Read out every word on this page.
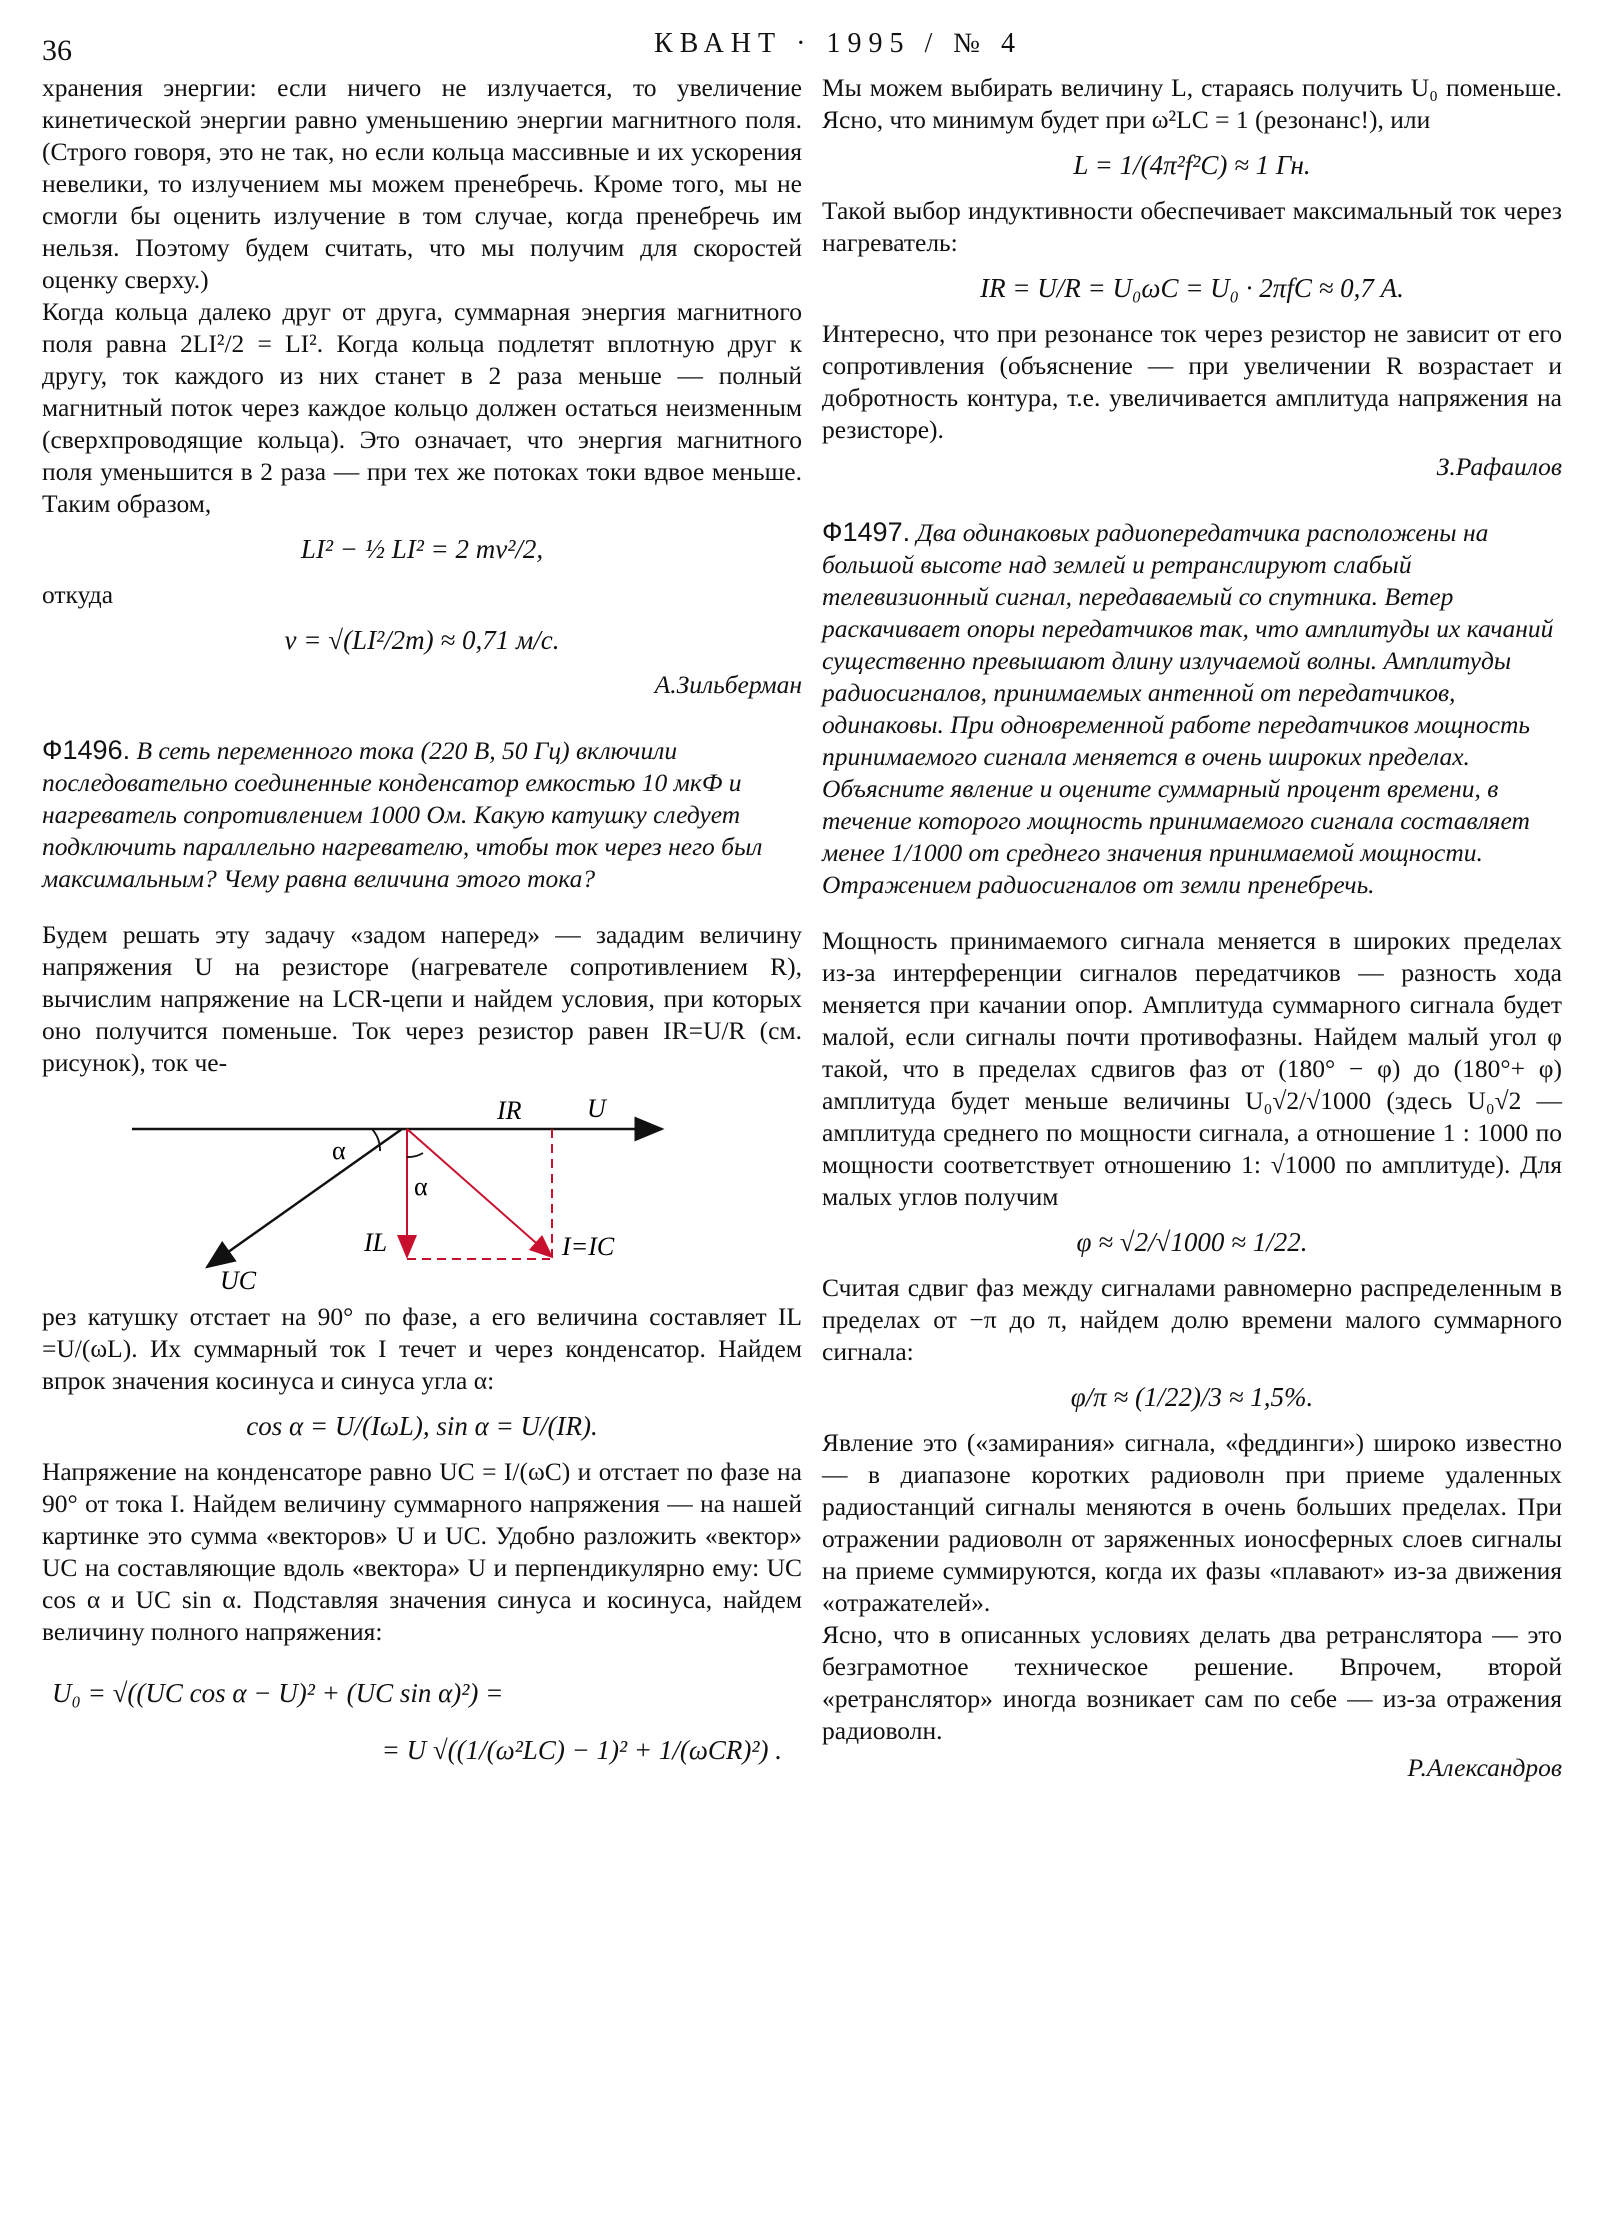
36	КВАНТ · 1995 / № 4

хранения энергии: если ничего не излучается, то увеличение кинетической энергии равно уменьшению энергии магнитного поля. (Строго говоря, это не так, но если кольца массивные и их ускорения невелики, то излучением мы можем пренебречь. Кроме того, мы не смогли бы оценить излучение в том случае, когда пренебречь им нельзя. Поэтому будем считать, что мы получим для скоростей оценку сверху.)

Когда кольца далеко друг от друга, суммарная энергия магнитного поля равна 2LI²/2 = LI². Когда кольца подлетят вплотную друг к другу, ток каждого из них станет в 2 раза меньше — полный магнитный поток через каждое кольцо должен остаться неизменным (сверхпроводящие кольца). Это означает, что энергия магнитного поля уменьшится в 2 раза — при тех же потоках токи вдвое меньше. Таким образом,

LI² − ½ LI² = 2 mv²/2,

откуда

v = √(LI²/2m) ≈ 0,71 м/с.
А.Зильберман

Ф1496. В сеть переменного тока (220 В, 50 Гц) включили последовательно соединенные конденсатор емкостью 10 мкФ и нагреватель сопротивлением 1000 Ом. Какую катушку следует подключить параллельно нагревателю, чтобы ток через него был максимальным? Чему равна величина этого тока?

Будем решать эту задачу «задом наперед» — зададим величину напряжения U на резисторе (нагревателе сопротивлением R), вычислим напряжение на LCR-цепи и найдем условия, при которых оно получится поменьше. Ток через резистор равен IR=U/R (см. рисунок), ток че-

IR	U
α
α
IL	I=IC
UC

рез катушку отстает на 90° по фазе, а его величина составляет IL =U/(ωL). Их суммарный ток I течет и через конденсатор. Найдем впрок значения косинуса и синуса угла α:

cos α = U/(IωL), sin α = U/(IR).

Напряжение на конденсаторе равно UC = I/(ωC) и отстает по фазе на 90° от тока I. Найдем величину суммарного напряжения — на нашей картинке это сумма «векторов» U и UC. Удобно разложить «вектор» UC на составляющие вдоль «вектора» U и перпендикулярно ему: UC cos α и UC sin α. Подставляя значения синуса и косинуса, найдем величину полного напряжения:

U₀ = √((UC cos α − U)² + (UC sin α)²) =
= U √((1/(ω²LC) − 1)² + 1/(ωCR)²) .

Мы можем выбирать величину L, стараясь получить U₀ поменьше. Ясно, что минимум будет при ω²LC = 1 (резонанс!), или

L = 1/(4π²f²C) ≈ 1 Гн.

Такой выбор индуктивности обеспечивает максимальный ток через нагреватель:

IR = U/R = U₀ωC = U₀ · 2πfC ≈ 0,7 А.

Интересно, что при резонансе ток через резистор не зависит от его сопротивления (объяснение — при увеличении R возрастает и добротность контура, т.е. увеличивается амплитуда напряжения на резисторе).

З.Рафаилов

Ф1497. Два одинаковых радиопередатчика расположены на большой высоте над землей и ретранслируют слабый телевизионный сигнал, передаваемый со спутника. Ветер раскачивает опоры передатчиков так, что амплитуды их качаний существенно превышают длину излучаемой волны. Амплитуды радиосигналов, принимаемых антенной от передатчиков, одинаковы. При одновременной работе передатчиков мощность принимаемого сигнала меняется в очень широких пределах. Объясните явление и оцените суммарный процент времени, в течение которого мощность принимаемого сигнала составляет менее 1/1000 от среднего значения принимаемой мощности. Отражением радиосигналов от земли пренебречь.

Мощность принимаемого сигнала меняется в широких пределах из-за интерференции сигналов передатчиков — разность хода меняется при качании опор. Амплитуда суммарного сигнала будет малой, если сигналы почти противофазны. Найдем малый угол φ такой, что в пределах сдвигов фаз от (180° − φ) до (180°+ φ) амплитуда будет меньше величины U₀√2/√1000 (здесь U₀√2 — амплитуда среднего по мощности сигнала, а отношение 1 : 1000 по мощности соответствует отношению 1: √1000 по амплитуде). Для малых углов получим

φ ≈ √2/√1000 ≈ 1/22.

Считая сдвиг фаз между сигналами равномерно распределенным в пределах от −π до π, найдем долю времени малого суммарного сигнала:

φ/π ≈ (1/22)/3 ≈ 1,5%.

Явление это («замирания» сигнала, «феддинги») широко известно — в диапазоне коротких радиоволн при приеме удаленных радиостанций сигналы меняются в очень больших пределах. При отражении радиоволн от заряженных ионосферных слоев сигналы на приеме суммируются, когда их фазы «плавают» из-за движения «отражателей».

Ясно, что в описанных условиях делать два ретранслятора — это безграмотное техническое решение. Впрочем, второй «ретранслятор» иногда возникает сам по себе — из-за отражения радиоволн.

Р.Александров
